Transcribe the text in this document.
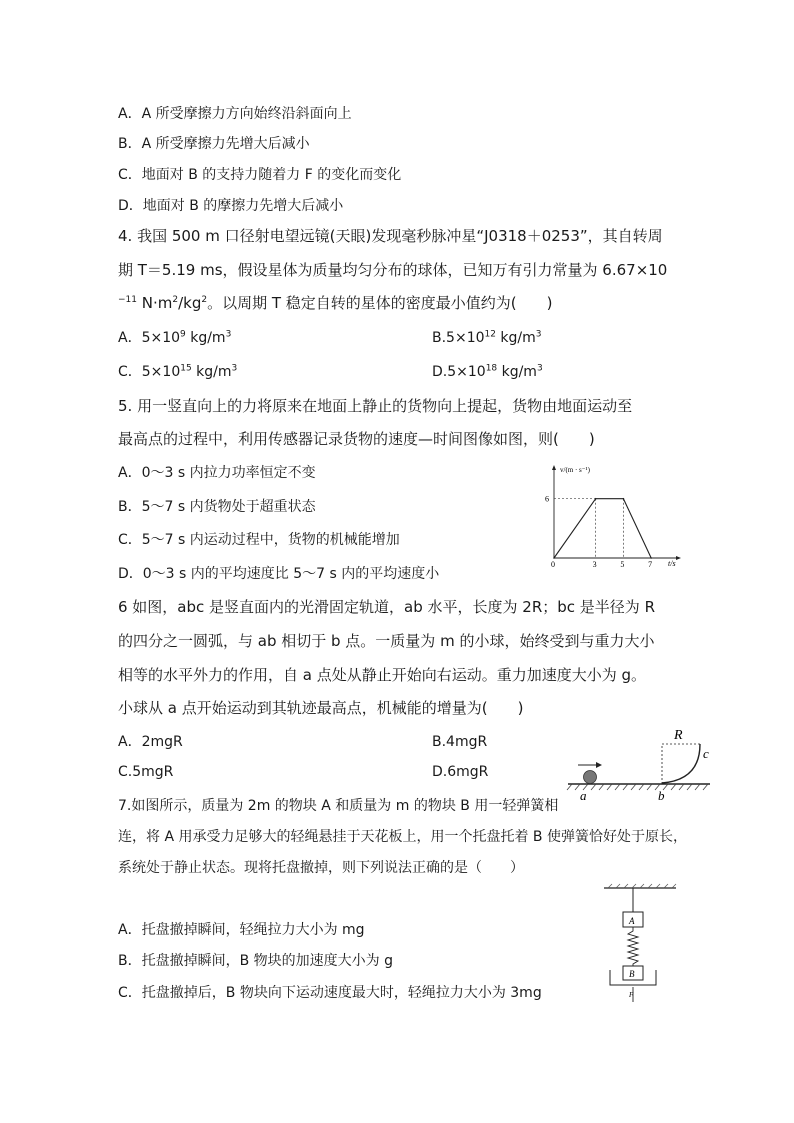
A．A 所受摩擦力方向始终沿斜面向上
B．A 所受摩擦力先增大后减小
C．地面对 B 的支持力随着力 F 的变化而变化
D．地面对 B 的摩擦力先增大后减小
4. 我国 500 m 口径射电望远镜(天眼)发现毫秒脉冲星“J0318＋0253”，其自转周
期 T＝5.19 ms，假设星体为质量均匀分布的球体，已知万有引力常量为 6.67×10
$^{-11}$ $N\cdot m^2/kg^2$。以周期 T 稳定自转的星体的密度最小值约为(　　)
A．$5\times 10^9$ $kg/m^3$	$B.5\times 10^{12}$ $kg/m^3$
C．$5\times 10^{15}$ $kg/m^3$	$D.5\times 10^{18}$ $kg/m^3$
5. 用一竖直向上的力将原来在地面上静止的货物向上提起，货物由地面运动至
最高点的过程中，利用传感器记录货物的速度—时间图像如图，则(　　)
A．0～3 s 内拉力功率恒定不变
B．5～7 s 内货物处于超重状态
C．5～7 s 内运动过程中，货物的机械能增加
D．0～3 s 内的平均速度比 5～7 s 内的平均速度小
0	3	5	7
6
v/(m · s⁻¹)
t/s
6 如图，abc 是竖直面内的光滑固定轨道，ab 水平，长度为 2R；bc 是半径为 R
的四分之一圆弧，与 ab 相切于 b 点。一质量为 m 的小球，始终受到与重力大小
相等的水平外力的作用，自 a 点处从静止开始向右运动。重力加速度大小为 g。
小球从 a 点开始运动到其轨迹最高点，机械能的增量为(　　)
A．2mgR	B.4mgR
C.5mgR	D.6mgR
R
c
a	b
7.如图所示，质量为 2m 的物块 A 和质量为 m 的物块 B 用一轻弹簧相
连，将 A 用承受力足够大的轻绳悬挂于天花板上，用一个托盘托着 B 使弹簧恰好处于原长，
系统处于静止状态。现将托盘撤掉，则下列说法正确的是（　　）
A．托盘撤掉瞬间，轻绳拉力大小为 mg
B．托盘撤掉瞬间，B 物块的加速度大小为 g
C．托盘撤掉后，B 物块向下运动速度最大时，轻绳拉力大小为 3mg
A
B
F
